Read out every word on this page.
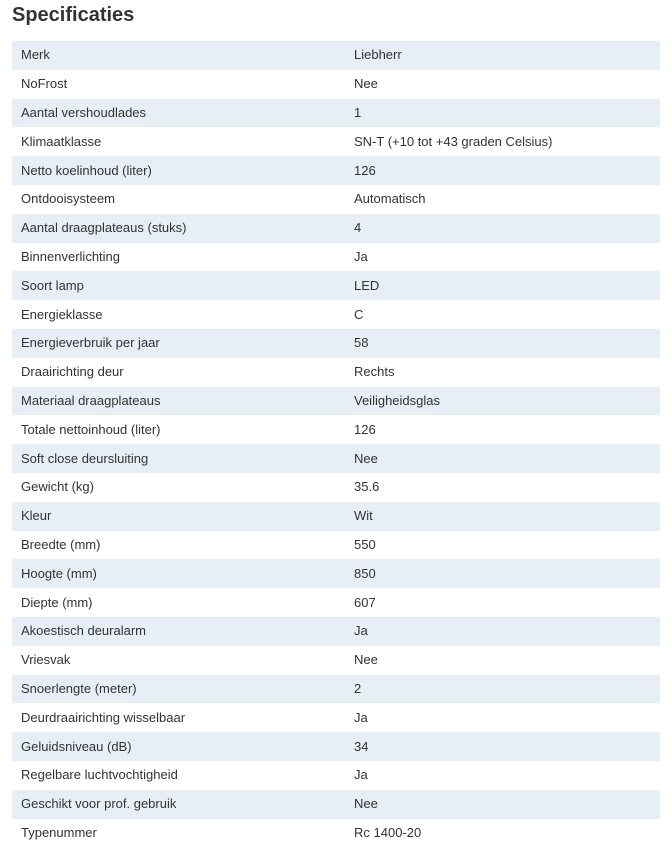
Specificaties
Merk	Liebherr
NoFrost	Nee
Aantal vershoudlades	1
Klimaatklasse	SN-T (+10 tot +43 graden Celsius)
Netto koelinhoud (liter)	126
Ontdooisysteem	Automatisch
Aantal draagplateaus (stuks)	4
Binnenverlichting	Ja
Soort lamp	LED
Energieklasse	C
Energieverbruik per jaar	58
Draairichting deur	Rechts
Materiaal draagplateaus	Veiligheidsglas
Totale nettoinhoud (liter)	126
Soft close deursluiting	Nee
Gewicht (kg)	35.6
Kleur	Wit
Breedte (mm)	550
Hoogte (mm)	850
Diepte (mm)	607
Akoestisch deuralarm	Ja
Vriesvak	Nee
Snoerlengte (meter)	2
Deurdraairichting wisselbaar	Ja
Geluidsniveau (dB)	34
Regelbare luchtvochtigheid	Ja
Geschikt voor prof. gebruik	Nee
Typenummer	Rc 1400-20
